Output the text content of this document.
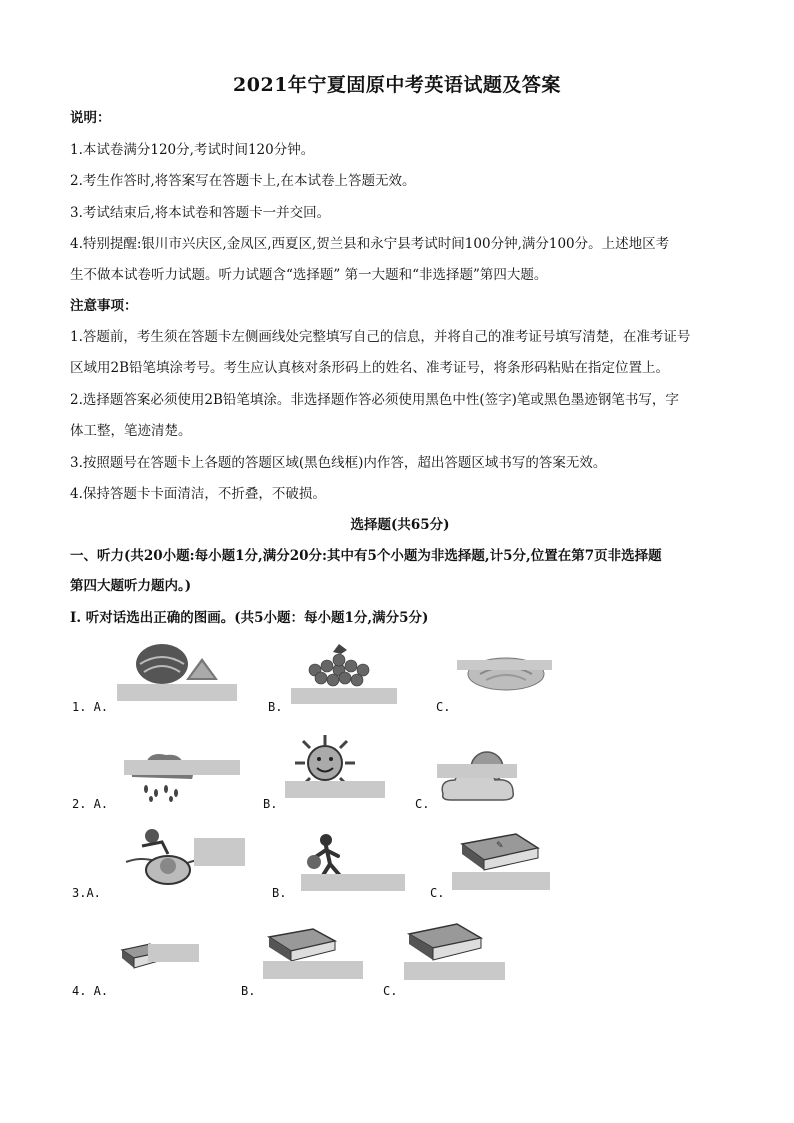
2021年宁夏固原中考英语试题及答案
说明：
1.本试卷满分120分,考试时间120分钟。
2.考生作答时,将答案写在答题卡上,在本试卷上答题无效。
3.考试结束后,将本试卷和答题卡一并交回。
4.特别提醒:银川市兴庆区,金凤区,西夏区,贺兰县和永宁县考试时间100分钟,满分100分。上述地区考
生不做本试卷听力试题。听力试题含“选择题” 第一大题和“非选择题”第四大题。
注意事项：
1.答题前，考生须在答题卡左侧画线处完整填写自己的信息，并将自己的准考证号填写清楚，在准考证号
区域用2B铅笔填涂考号。考生应认真核对条形码上的姓名、准考证号，将条形码粘贴在指定位置上。
2.选择题答案必须使用2B铅笔填涂。非选择题作答必须使用黑色中性(签字)笔或黑色墨迹钢笔书写，字
体工整，笔迹清楚。
3.按照题号在答题卡上各题的答题区域(黑色线框)内作答，超出答题区域书写的答案无效。
4.保持答题卡卡面清洁，不折叠，不破损。
选择题(共65分)
一、听力(共20小题:每小题1分,满分20分:其中有5个小题为非选择题,计5分,位置在第7页非选择题
第四大题听力题内。)
I. 听对话选出正确的图画。(共5小题：每小题1分,满分5分)
1. A.	B.	C.
2. A.	B.	C.
3.A.	B.	C.
✎
4. A.	B.	C.
